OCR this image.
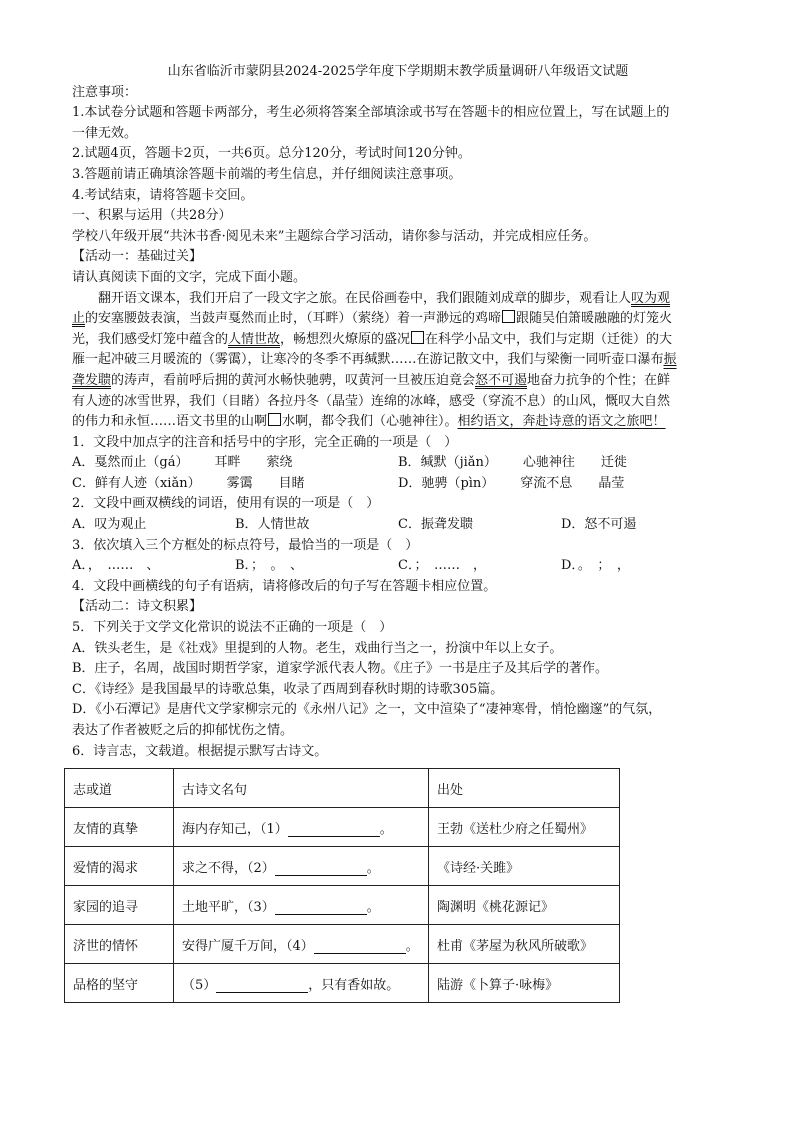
山东省临沂市蒙阴县2024-2025学年度下学期期末教学质量调研八年级语文试题
注意事项：
1.本试卷分试题和答题卡两部分，考生必须将答案全部填涂或书写在答题卡的相应位置上，写在试题上的
一律无效。
2.试题4页，答题卡2页，一共6页。总分120分，考试时间120分钟。
3.答题前请正确填涂答题卡前端的考生信息，并仔细阅读注意事项。
4.考试结束，请将答题卡交回。
一、积累与运用（共28分）
学校八年级开展“共沐书香·阅见未来”主题综合学习活动，请你参与活动，并完成相应任务。
【活动一：基础过关】
请认真阅读下面的文字，完成下面小题。
翻开语文课本，我们开启了一段文字之旅。在民俗画卷中，我们跟随刘成章的脚步，观看让人叹为观
止的安塞腰鼓表演，当鼓声戛然而止时，（耳畔）（萦绕）着一声渺远的鸡啼 跟随吴伯箫暖融融的灯笼火
光，我们感受灯笼中蕴含的人情世故，畅想烈火燎原的盛况 在科学小品文中，我们与定期（迁徙）的大
雁一起冲破三月暖流的（雾霭），让寒冷的冬季不再缄默……在游记散文中，我们与梁衡一同听壶口瀑布振
聋发聩的涛声，看前呼后拥的黄河水畅快驰骋，叹黄河一旦被压迫竟会怒不可遏地奋力抗争的个性；在鲜
有人迹的冰雪世界，我们（目睹）各拉丹冬（晶莹）连绵的冰峰，感受（穿流不息）的山风，慨叹大自然
的伟力和永恒……语文书里的山啊 水啊，都令我们（心驰神往）。相约语文，奔赴诗意的语文之旅吧！
1．文段中加点字的注音和括号中的字形，完全正确的一项是（　）
A．戛然而止（gá）   耳畔   萦绕	B．缄默（jiǎn）   心驰神往   迁徙
C．鲜有人迹（xiǎn）   雾霭   目睹	D．驰骋（pìn）   穿流不息   晶莹
2．文段中画双横线的词语，使用有误的一项是（　）
A．叹为观止	B．人情世故	C．振聋发聩	D．怒不可遏
3．依次填入三个方框处的标点符号，最恰当的一项是（　）
A．，　……　、	B．；　。　、	C．；　……　，	D．。　；　，
4．文段中画横线的句子有语病，请将修改后的句子写在答题卡相应位置。
【活动二：诗文积累】
5．下列关于文学文化常识的说法不正确的一项是（　）
A．铁头老生，是《社戏》里提到的人物。老生，戏曲行当之一，扮演中年以上女子。
B．庄子，名周，战国时期哲学家，道家学派代表人物。《庄子》一书是庄子及其后学的著作。
C．《诗经》是我国最早的诗歌总集，收录了西周到春秋时期的诗歌305篇。
D．《小石潭记》是唐代文学家柳宗元的《永州八记》之一，文中渲染了“凄神寒骨，悄怆幽邃”的气氛，
表达了作者被贬之后的抑郁忧伤之情。
6．诗言志，文载道。根据提示默写古诗文。
志或道	古诗文名句	出处
友情的真挚	海内存知己，（1） 。	王勃《送杜少府之任蜀州》
爱情的渴求	求之不得，（2） 。	《诗经·关雎》
家园的追寻	土地平旷，（3） 。	陶渊明《桃花源记》
济世的情怀	安得广厦千万间，（4） 。	杜甫《茅屋为秋风所破歌》
品格的坚守	（5） ，只有香如故。	陆游《卜算子·咏梅》
